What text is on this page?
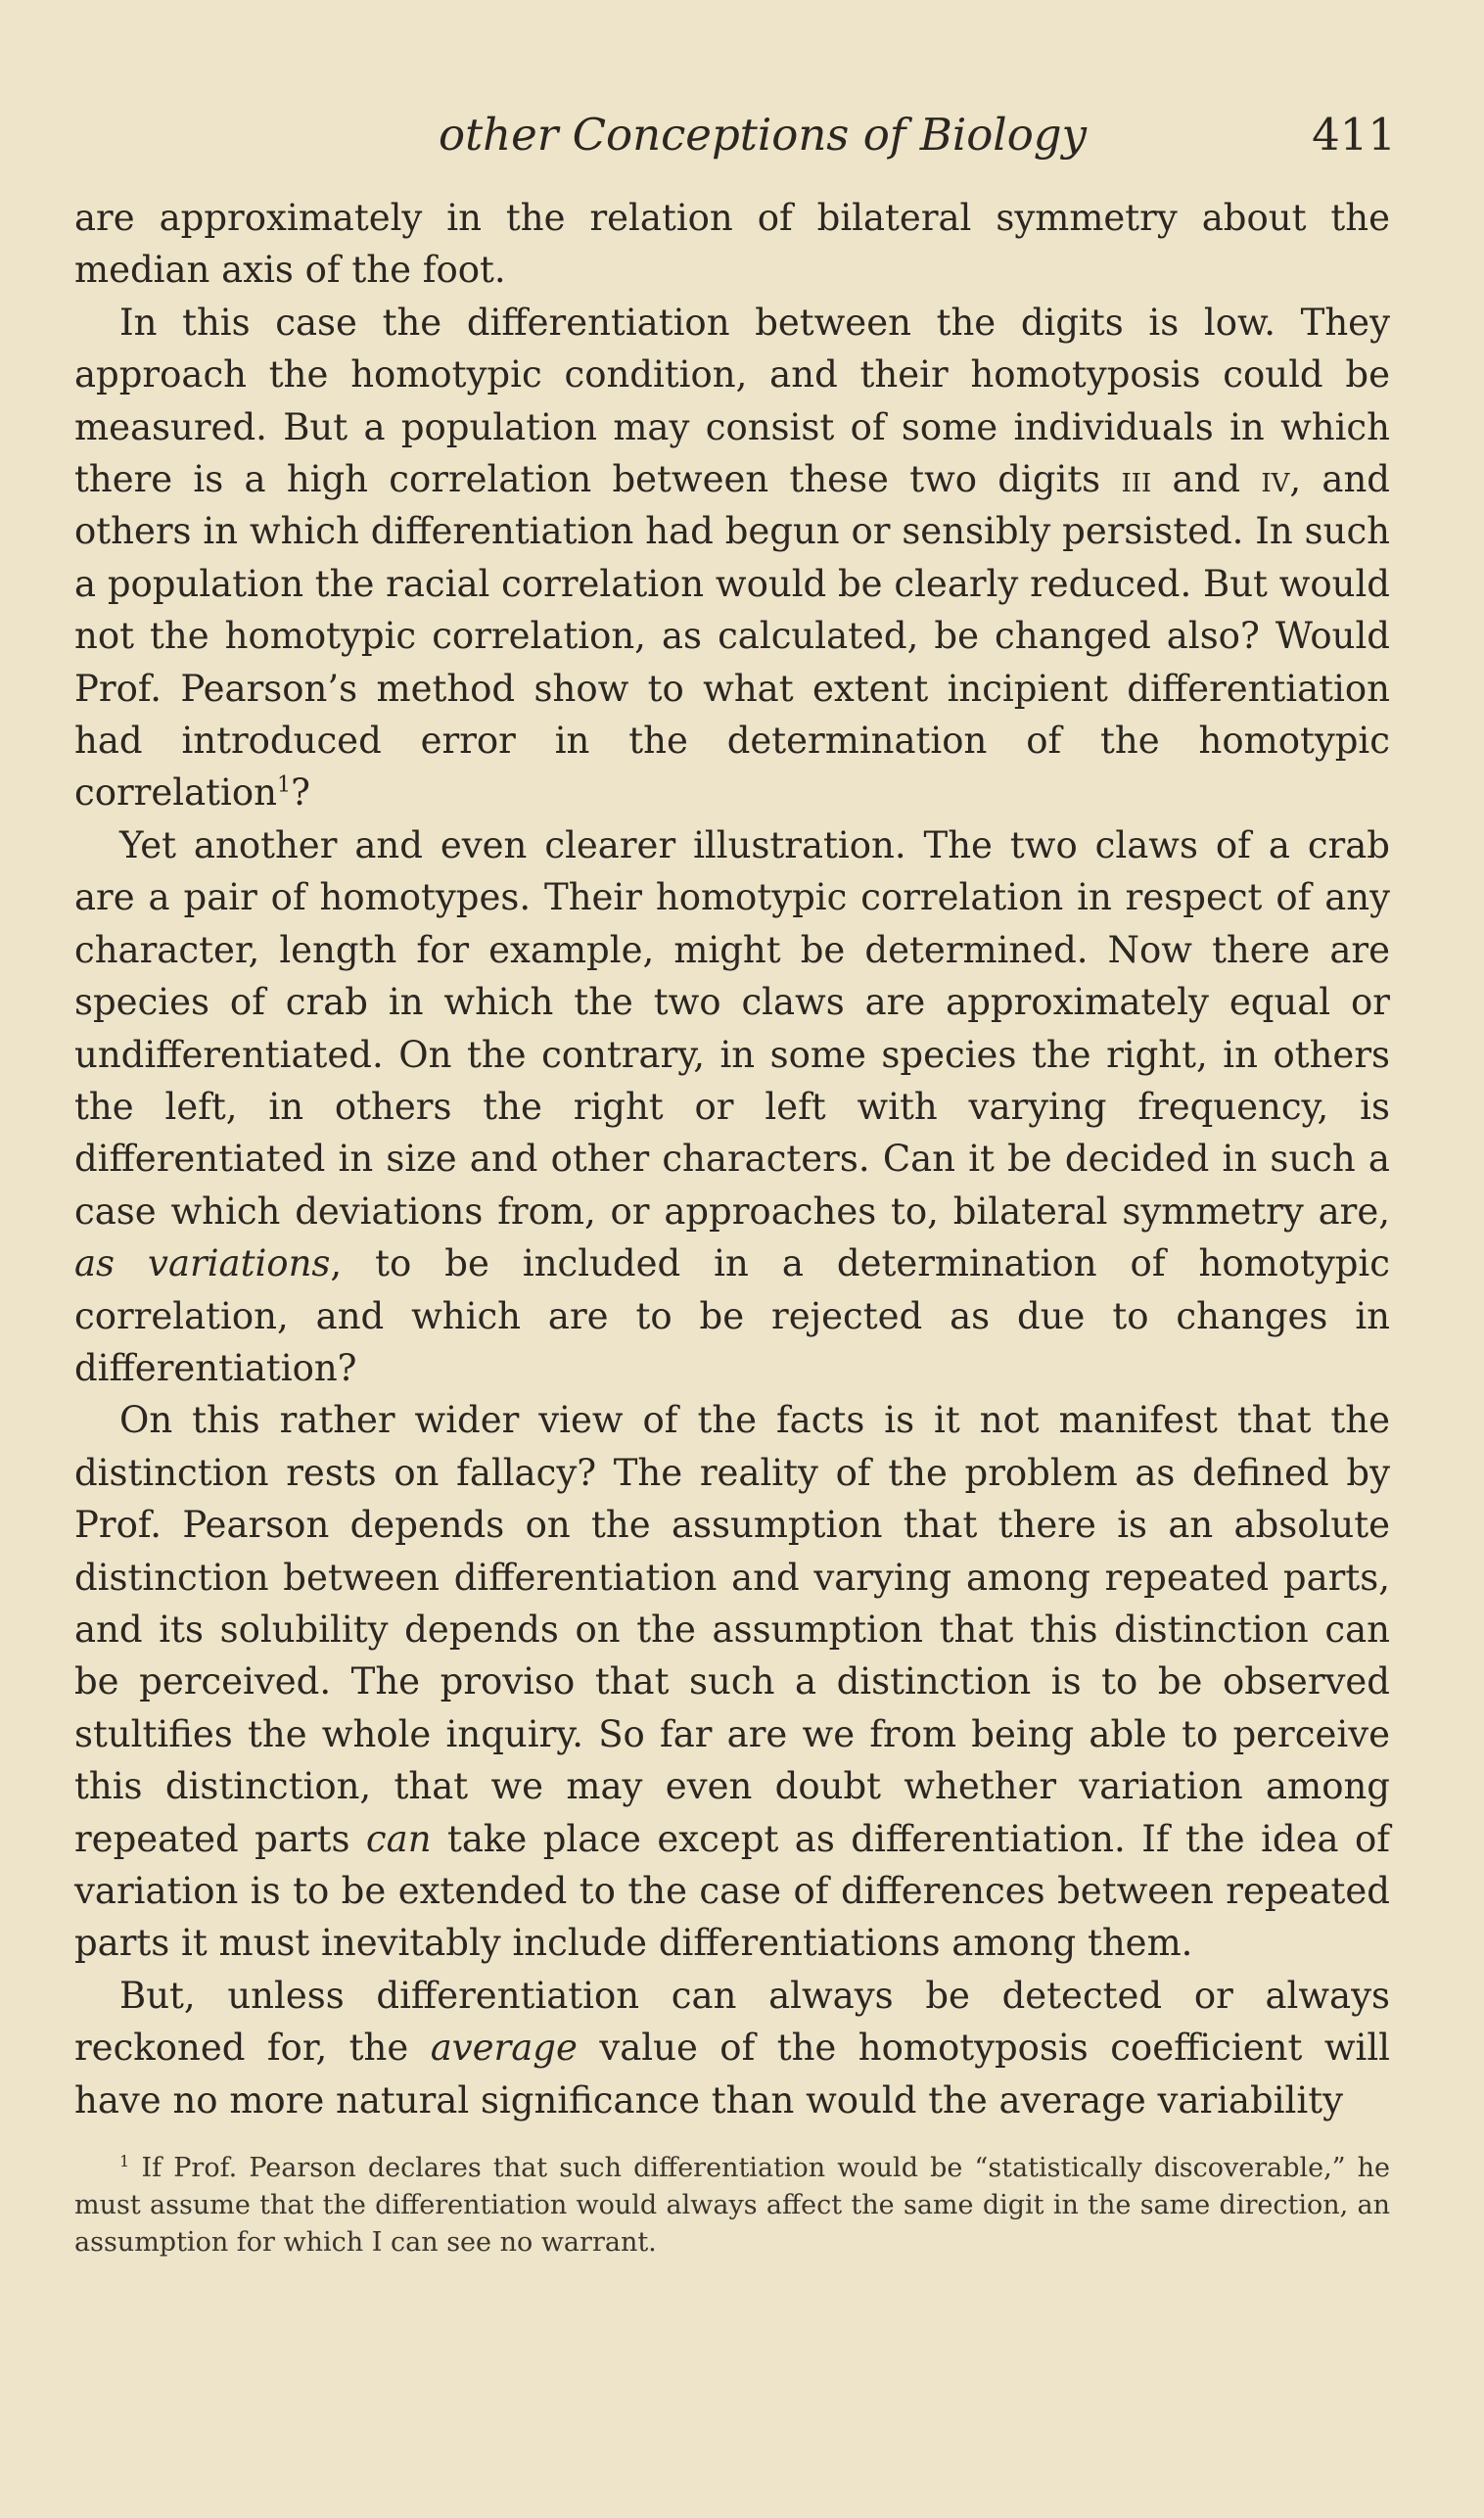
other Conceptions of Biology	411

are approximately in the relation of bilateral symmetry about the median axis of the foot.

In this case the differentiation between the digits is low. They approach the homotypic condition, and their homotyposis could be measured. But a population may consist of some individuals in which there is a high correlation between these two digits iii and iv, and others in which differentiation had begun or sensibly persisted. In such a population the racial correlation would be clearly reduced. But would not the homotypic correlation, as calculated, be changed also? Would Prof. Pearson’s method show to what extent incipient differentiation had introduced error in the determination of the homotypic correlation$^1$?

Yet another and even clearer illustration. The two claws of a crab are a pair of homotypes. Their homotypic correlation in respect of any character, length for example, might be determined. Now there are species of crab in which the two claws are approximately equal or undifferentiated. On the contrary, in some species the right, in others the left, in others the right or left with varying frequency, is differentiated in size and other characters. Can it be decided in such a case which deviations from, or approaches to, bilateral symmetry are, as variations, to be included in a determination of homotypic correlation, and which are to be rejected as due to changes in differentiation?

On this rather wider view of the facts is it not manifest that the distinction rests on fallacy? The reality of the problem as defined by Prof. Pearson depends on the assumption that there is an absolute distinction between differentiation and varying among repeated parts, and its solubility depends on the assumption that this distinction can be perceived. The proviso that such a distinction is to be observed stultifies the whole inquiry. So far are we from being able to perceive this distinction, that we may even doubt whether variation among repeated parts can take place except as differentiation. If the idea of variation is to be extended to the case of differences between repeated parts it must inevitably include differentiations among them.

But, unless differentiation can always be detected or always reckoned for, the average value of the homotyposis coefficient will have no more natural significance than would the average variability

$^1$ If Prof. Pearson declares that such differentiation would be “statistically discoverable,” he must assume that the differentiation would always affect the same digit in the same direction, an assumption for which I can see no warrant.
